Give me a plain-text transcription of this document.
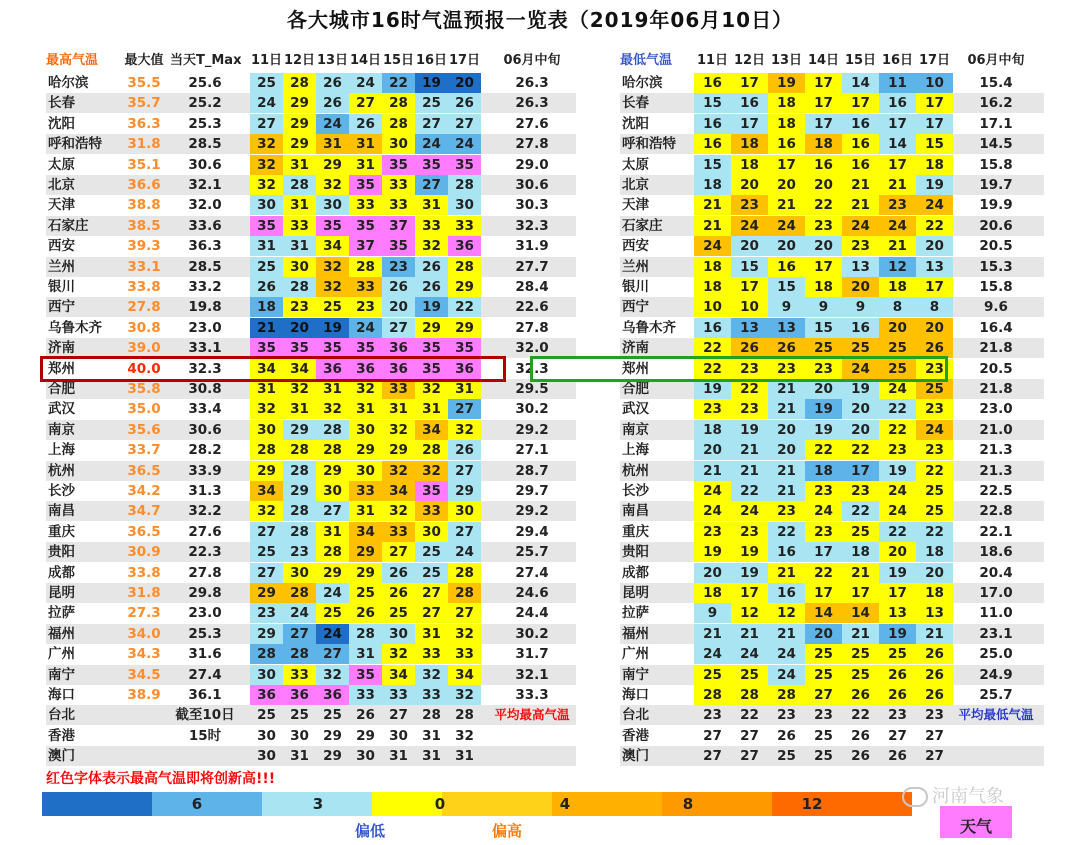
各大城市16时气温预报一览表（2019年06月10日）
最高气温	最大值 当天T_Max 11日 12日 13日 14日 15日 16日 17日	06月中旬	最低气温	11日 12日 13日 14日 15日 16日 17日	06月中旬
哈尔滨	35.5	25.6	25	28	26	24	22	19	20	26.3
长春	35.7	25.2	24	29	26	27	28	25	26	26.3
沈阳	36.3	25.3	27	29	24	26	28	27	27	27.6
呼和浩特	31.8	28.5	32	29	31	31	30	24	24	27.8
太原	35.1	30.6	32	31	29	31	35	35	35	29.0
北京	36.6	32.1	32	28	32	35	33	27	28	30.6
天津	38.8	32.0	30	31	30	33	33	31	30	30.3
石家庄	38.5	33.6	35	33	35	35	37	33	33	32.3
西安	39.3	36.3	31	31	34	37	35	32	36	31.9
兰州	33.1	28.5	25	30	32	28	23	26	28	27.7
银川	33.8	33.2	26	28	32	33	26	26	29	28.4
西宁	27.8	19.8	18	23	25	23	20	19	22	22.6
乌鲁木齐	30.8	23.0	21	20	19	24	27	29	29	27.8
济南	39.0	33.1	35	35	35	35	36	35	35	32.0
郑州	40.0	32.3	34	34	36	36	36	35	36	32.3
合肥	35.8	30.8	31	32	31	32	33	32	31	29.5
武汉	35.0	33.4	32	31	32	31	31	31	27	30.2
南京	35.6	30.6	30	29	28	30	32	34	32	29.2
上海	33.7	28.2	28	28	28	29	29	28	26	27.1
杭州	36.5	33.9	29	28	29	30	32	32	27	28.7
长沙	34.2	31.3	34	29	30	33	34	35	29	29.7
南昌	34.7	32.2	32	28	27	31	32	33	30	29.2
重庆	36.5	27.6	27	28	31	34	33	30	27	29.4
贵阳	30.9	22.3	25	23	28	29	27	25	24	25.7
成都	33.8	27.8	27	30	29	29	26	25	28	27.4
昆明	31.8	29.8	29	28	24	25	26	27	28	24.6
拉萨	27.3	23.0	23	24	25	26	25	27	27	24.4
福州	34.0	25.3	29	27	24	28	30	31	32	30.2
广州	34.3	31.6	28	28	27	31	32	33	33	31.7
南宁	34.5	27.4	30	33	32	35	34	32	34	32.1
海口	38.9	36.1	36	36	36	33	33	33	32	33.3
台北	截至10日	25	25	25	26	27	28	28	平均最高气温
香港	15时	30	30	29	29	30	31	32
澳门	30	31	29	30	31	31	31
哈尔滨	16	17	19	17	14	11	10	15.4
长春	15	16	18	17	17	16	17	16.2
沈阳	16	17	18	17	16	17	17	17.1
呼和浩特	16	18	16	18	16	14	15	14.5
太原	15	18	17	16	16	17	18	15.8
北京	18	20	20	20	21	21	19	19.7
天津	21	23	21	22	21	23	24	19.9
石家庄	21	24	24	23	24	24	22	20.6
西安	24	20	20	20	23	21	20	20.5
兰州	18	15	16	17	13	12	13	15.3
银川	18	17	15	18	20	18	17	15.8
西宁	10	10	9	9	9	8	8	9.6
乌鲁木齐	16	13	13	15	16	20	20	16.4
济南	22	26	26	25	25	25	26	21.8
郑州	22	23	23	23	24	25	23	20.5
合肥	19	22	21	20	19	24	25	21.8
武汉	23	23	21	19	20	22	23	23.0
南京	18	19	20	19	20	22	24	21.0
上海	20	21	20	22	22	23	23	21.3
杭州	21	21	21	18	17	19	22	21.3
长沙	24	22	21	23	23	24	25	22.5
南昌	24	24	23	24	22	24	25	22.8
重庆	23	23	22	23	25	22	22	22.1
贵阳	19	19	16	17	18	20	18	18.6
成都	20	19	21	22	21	19	20	20.4
昆明	18	17	16	17	17	17	18	17.0
拉萨	9	12	12	14	14	13	13	11.0
福州	21	21	21	20	21	19	21	23.1
广州	24	24	24	25	25	25	26	25.0
南宁	25	25	24	25	25	26	26	24.9
海口	28	28	28	27	26	26	26	25.7
台北	23	22	23	23	22	23	23	平均最低气温
香港	27	27	26	25	26	27	27
澳门	27	27	25	25	26	26	27
红色字体表示最高气温即将创新高!!!
6	3	0	4	8	12
偏低	偏高	天气
河南气象
